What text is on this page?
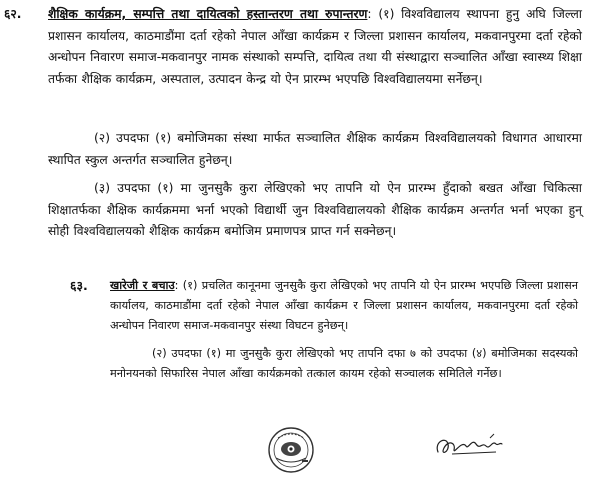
६२. शैक्षिक कार्यक्रम, सम्पत्ति तथा दायित्वको हस्तान्तरण तथा रुपान्तरण: (१) विश्वविद्यालय स्थापना हुनु अघि जिल्ला प्रशासन कार्यालय, काठमाडौंमा दर्ता रहेको नेपाल आँखा कार्यक्रम र जिल्ला प्रशासन कार्यालय, मकवानपुरमा दर्ता रहेको अन्धोपन निवारण समाज-मकवानपुर नामक संस्थाको सम्पत्ति, दायित्व तथा यी संस्थाद्वारा सञ्चालित आँखा स्वास्थ्य शिक्षा तर्फका शैक्षिक कार्यक्रम, अस्पताल, उत्पादन केन्द्र यो ऐन प्रारम्भ भएपछि विश्वविद्यालयमा सर्नेछन्।
(२) उपदफा (१) बमोजिमका संस्था मार्फत सञ्चालित शैक्षिक कार्यक्रम विश्वविद्यालयको विधागत आधारमा स्थापित स्कुल अन्तर्गत सञ्चालित हुनेछन्।
(३) उपदफा (१) मा जुनसुकै कुरा लेखिएको भए तापनि यो ऐन प्रारम्भ हुँदाको बखत आँखा चिकित्सा शिक्षातर्फका शैक्षिक कार्यक्रममा भर्ना भएको विद्यार्थी जुन विश्वविद्यालयको शैक्षिक कार्यक्रम अन्तर्गत भर्ना भएका हुन् सोही विश्वविद्यालयको शैक्षिक कार्यक्रम बमोजिम प्रमाणपत्र प्राप्त गर्न सक्नेछन्।
६३. खारेजी र बचाउ: (१) प्रचलित कानूनमा जुनसुकै कुरा लेखिएको भए तापनि यो ऐन प्रारम्भ भएपछि जिल्ला प्रशासन कार्यालय, काठमाडौंमा दर्ता रहेको नेपाल आँखा कार्यक्रम र जिल्ला प्रशासन कार्यालय, मकवानपुरमा दर्ता रहेको अन्धोपन निवारण समाज-मकवानपुर संस्था विघटन हुनेछन्।
(२) उपदफा (१) मा जुनसुकै कुरा लेखिएको भए तापनि दफा ७ को उपदफा (४) बमोजिमका सदस्यको मनोनयनको सिफारिस नेपाल आँखा कार्यक्रमको तत्काल कायम रहेको सञ्चालक समितिले गर्नेछ।
